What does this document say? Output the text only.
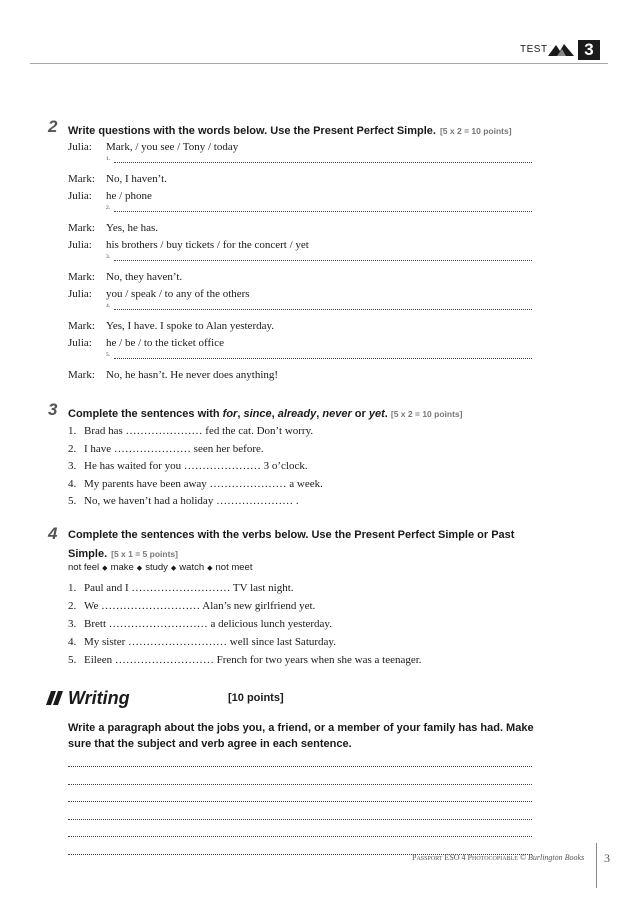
TEST	3
2 Write questions with the words below. Use the Present Perfect Simple. [5 x 2 = 10 points]
Julia: Mark, / you see / Tony / today
1.
Mark: No, I haven’t.
Julia: he / phone
2.
Mark: Yes, he has.
Julia: his brothers / buy tickets / for the concert / yet
3.
Mark: No, they haven’t.
Julia: you / speak / to any of the others
4.
Mark: Yes, I have. I spoke to Alan yesterday.
Julia: he / be / to the ticket office
5.
Mark: No, he hasn’t. He never does anything!
3 Complete the sentences with for, since, already, never or yet. [5 x 2 = 10 points]
1. Brad has ………………… fed the cat. Don’t worry.
2. I have ………………… seen her before.
3. He has waited for you ………………… 3 o’clock.
4. My parents have been away ………………… a week.
5. No, we haven’t had a holiday ………………… .
4 Complete the sentences with the verbs below. Use the Present Perfect Simple or Past
Simple. [5 x 1 = 5 points]
not feel ◆ make ◆ study ◆ watch ◆ not meet
1. Paul and I ……………………… TV last night.
2. We ……………………… Alan’s new girlfriend yet.
3. Brett ……………………… a delicious lunch yesterday.
4. My sister ……………………… well since last Saturday.
5. Eileen ……………………… French for two years when she was a teenager.
Writing	[10 points]
Write a paragraph about the jobs you, a friend, or a member of your family has had. Make
sure that the subject and verb agree in each sentence.
Passport ESO 4 Photocopiable © Burlington Books 3
